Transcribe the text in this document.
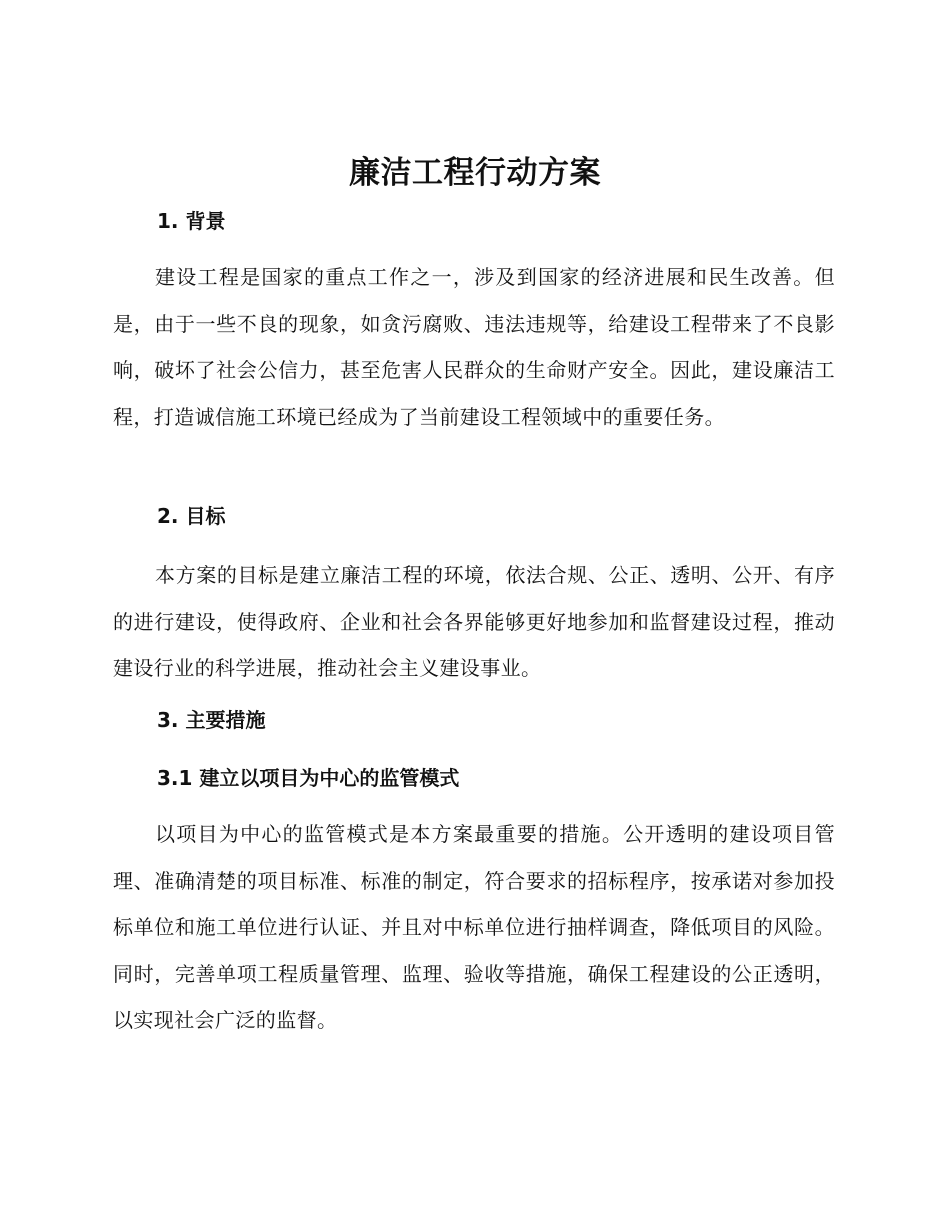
廉洁工程行动方案
1. 背景
建设工程是国家的重点工作之一，涉及到国家的经济进展和民生改善。但是，由于一些不良的现象，如贪污腐败、违法违规等，给建设工程带来了不良影响，破坏了社会公信力，甚至危害人民群众的生命财产安全。因此，建设廉洁工程，打造诚信施工环境已经成为了当前建设工程领域中的重要任务。
2. 目标
本方案的目标是建立廉洁工程的环境，依法合规、公正、透明、公开、有序的进行建设，使得政府、企业和社会各界能够更好地参加和监督建设过程，推动建设行业的科学进展，推动社会主义建设事业。
3. 主要措施
3.1 建立以项目为中心的监管模式
以项目为中心的监管模式是本方案最重要的措施。公开透明的建设项目管理、准确清楚的项目标准、标准的制定，符合要求的招标程序，按承诺对参加投标单位和施工单位进行认证、并且对中标单位进行抽样调查，降低项目的风险。同时，完善单项工程质量管理、监理、验收等措施，确保工程建设的公正透明，以实现社会广泛的监督。
